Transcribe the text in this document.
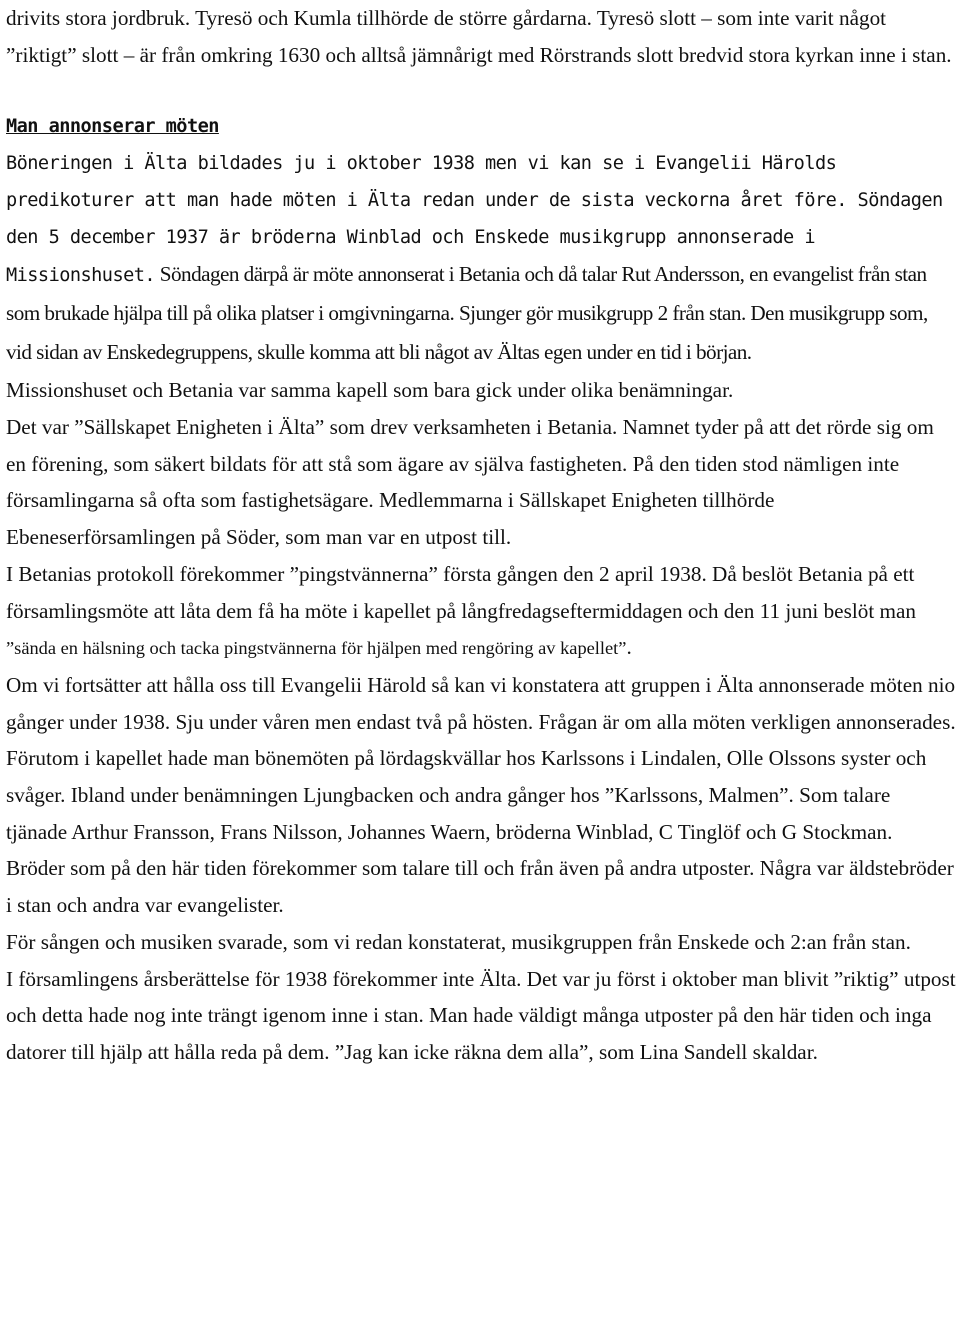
drivits stora jordbruk. Tyresö och Kumla tillhörde de större gårdarna. Tyresö slott – som inte varit något ”riktigt” slott – är från omkring 1630 och alltså jämnårigt med Rörstrands slott bredvid stora kyrkan inne i stan.

Man annonserar möten

Böneringen i Älta bildades ju i oktober 1938 men vi kan se i Evangelii Härolds predikoturer att man hade möten i Älta redan under de sista veckorna året före. Söndagen den 5 december 1937 är bröderna Winblad och Enskede musikgrupp annonserade i Missionshuset. Söndagen därpå är möte annonserat i Betania och då talar Rut Andersson, en evangelist från stan som brukade hjälpa till på olika platser i omgivningarna. Sjunger gör musikgrupp 2 från stan. Den musikgrupp som, vid sidan av Enskedegruppens, skulle komma att bli något av Ältas egen under en tid i början.

Missionshuset och Betania var samma kapell som bara gick under olika benämningar.

Det var ”Sällskapet Enigheten i Älta” som drev verksamheten i Betania. Namnet tyder på att det rörde sig om en förening, som säkert bildats för att stå som ägare av själva fastigheten. På den tiden stod nämligen inte församlingarna så ofta som fastighetsägare. Medlemmarna i Sällskapet Enigheten tillhörde Ebeneserförsamlingen på Söder, som man var en utpost till.

I Betanias protokoll förekommer ”pingstvännerna” första gången den 2 april 1938. Då beslöt Betania på ett församlingsmöte att låta dem få ha möte i kapellet på långfredagseftermiddagen och den 11 juni beslöt man ”sända en hälsning och tacka pingstvännerna för hjälpen med rengöring av kapellet”.

Om vi fortsätter att hålla oss till Evangelii Härold så kan vi konstatera att gruppen i Älta annonserade möten nio gånger under 1938. Sju under våren men endast två på hösten. Frågan är om alla möten verkligen annonserades. Förutom i kapellet hade man bönemöten på lördagskvällar hos Karlssons i Lindalen, Olle Olssons syster och svåger. Ibland under benämningen Ljungbacken och andra gånger hos ”Karlssons, Malmen”. Som talare tjänade Arthur Fransson, Frans Nilsson, Johannes Waern, bröderna Winblad, C Tinglöf och G Stockman. Bröder som på den här tiden förekommer som talare till och från även på andra utposter. Några var äldstebröder i stan och andra var evangelister.

För sången och musiken svarade, som vi redan konstaterat, musikgruppen från Enskede och 2:an från stan.

I församlingens årsberättelse för 1938 förekommer inte Älta. Det var ju först i oktober man blivit ”riktig” utpost och detta hade nog inte trängt igenom inne i stan. Man hade väldigt många utposter på den här tiden och inga datorer till hjälp att hålla reda på dem. ”Jag kan icke räkna dem alla”, som Lina Sandell skaldar.
